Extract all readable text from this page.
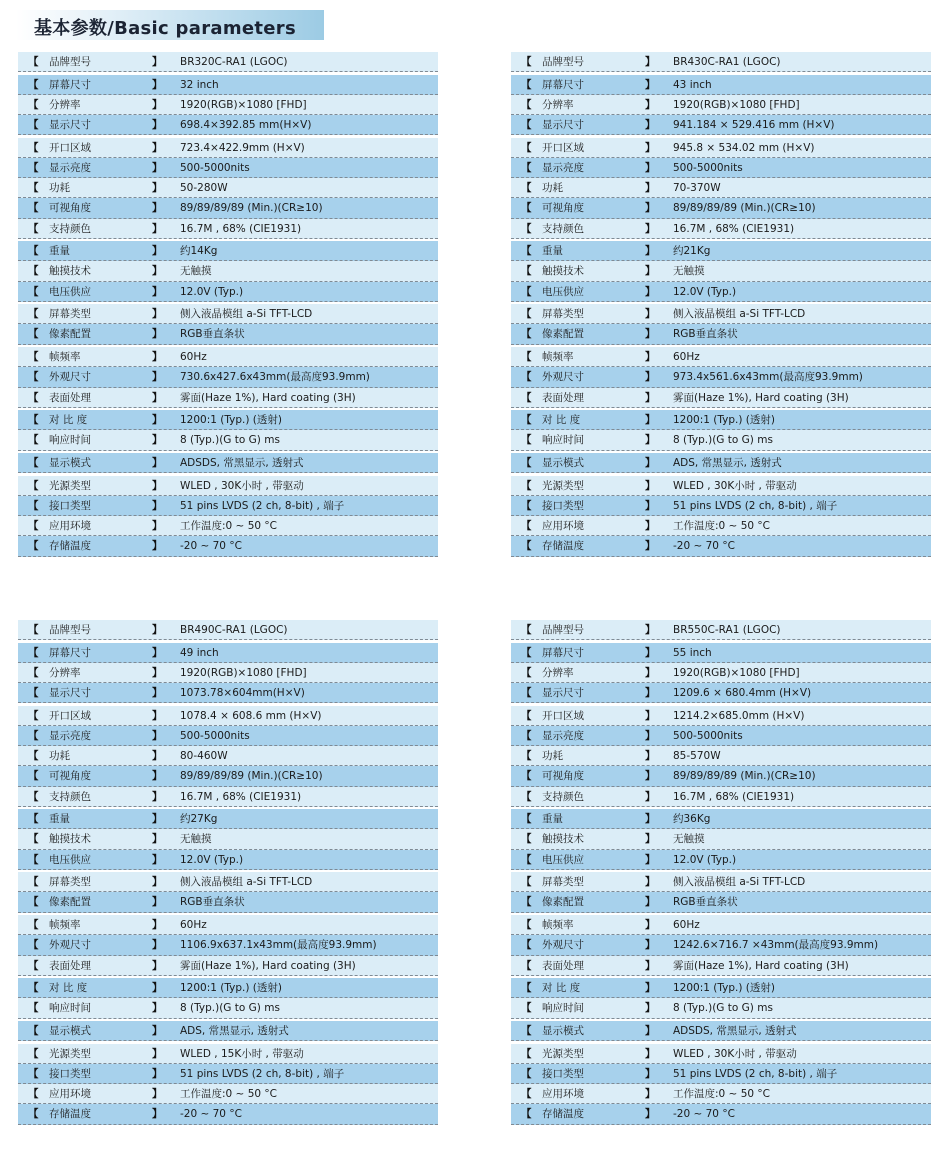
基本参数/Basic parameters
【 品牌型号	】 BR320C-RA1 (LGOC)
【 屏幕尺寸	】 32 inch
【 分辨率	】 1920(RGB)×1080 [FHD]
【 显示尺寸	】 698.4×392.85 mm(H×V)
【 开口区域	】 723.4×422.9mm (H×V)
【 显示亮度	】 500-5000nits
【 功耗	】 50-280W
【 可视角度	】 89/89/89/89 (Min.)(CR≥10)
【 支持颜色	】 16.7M , 68% (CIE1931)
【 重量	】 约14Kg
【 触摸技术	】 无触摸
【 电压供应	】 12.0V (Typ.)
【 屏幕类型	】 侧入液晶模组 a-Si TFT-LCD
【 像素配置	】 RGB垂直条状
【 帧频率	】 60Hz
【 外观尺寸	】 730.6x427.6x43mm(最高度93.9mm)
【 表面处理	】 雾面(Haze 1%), Hard coating (3H)
【 对 比 度	】 1200:1 (Typ.) (透射)
【 响应时间	】 8 (Typ.)(G to G) ms
【 显示模式	】 ADSDS, 常黑显示, 透射式
【 光源类型	】 WLED , 30K小时 , 带驱动
【 接口类型	】 51 pins LVDS (2 ch, 8-bit) , 端子
【 应用环境	】 工作温度:0 ~ 50 °C
【 存储温度	】 -20 ~ 70 °C
【 品牌型号	】 BR430C-RA1 (LGOC)
【 屏幕尺寸	】 43 inch
【 分辨率	】 1920(RGB)×1080 [FHD]
【 显示尺寸	】 941.184 × 529.416 mm (H×V)
【 开口区域	】 945.8 × 534.02 mm (H×V)
【 显示亮度	】 500-5000nits
【 功耗	】 70-370W
【 可视角度	】 89/89/89/89 (Min.)(CR≥10)
【 支持颜色	】 16.7M , 68% (CIE1931)
【 重量	】 约21Kg
【 触摸技术	】 无触摸
【 电压供应	】 12.0V (Typ.)
【 屏幕类型	】 侧入液晶模组 a-Si TFT-LCD
【 像素配置	】 RGB垂直条状
【 帧频率	】 60Hz
【 外观尺寸	】 973.4x561.6x43mm(最高度93.9mm)
【 表面处理	】 雾面(Haze 1%), Hard coating (3H)
【 对 比 度	】 1200:1 (Typ.) (透射)
【 响应时间	】 8 (Typ.)(G to G) ms
【 显示模式	】 ADS, 常黑显示, 透射式
【 光源类型	】 WLED , 30K小时 , 带驱动
【 接口类型	】 51 pins LVDS (2 ch, 8-bit) , 端子
【 应用环境	】 工作温度:0 ~ 50 °C
【 存储温度	】 -20 ~ 70 °C
【 品牌型号	】 BR490C-RA1 (LGOC)
【 屏幕尺寸	】 49 inch
【 分辨率	】 1920(RGB)×1080 [FHD]
【 显示尺寸	】 1073.78×604mm(H×V)
【 开口区域	】 1078.4 × 608.6 mm (H×V)
【 显示亮度	】 500-5000nits
【 功耗	】 80-460W
【 可视角度	】 89/89/89/89 (Min.)(CR≥10)
【 支持颜色	】 16.7M , 68% (CIE1931)
【 重量	】 约27Kg
【 触摸技术	】 无触摸
【 电压供应	】 12.0V (Typ.)
【 屏幕类型	】 侧入液晶模组 a-Si TFT-LCD
【 像素配置	】 RGB垂直条状
【 帧频率	】 60Hz
【 外观尺寸	】 1106.9x637.1x43mm(最高度93.9mm)
【 表面处理	】 雾面(Haze 1%), Hard coating (3H)
【 对 比 度	】 1200:1 (Typ.) (透射)
【 响应时间	】 8 (Typ.)(G to G) ms
【 显示模式	】 ADS, 常黑显示, 透射式
【 光源类型	】 WLED , 15K小时 , 带驱动
【 接口类型	】 51 pins LVDS (2 ch, 8-bit) , 端子
【 应用环境	】 工作温度:0 ~ 50 °C
【 存储温度	】 -20 ~ 70 °C
【 品牌型号	】 BR550C-RA1 (LGOC)
【 屏幕尺寸	】 55 inch
【 分辨率	】 1920(RGB)×1080 [FHD]
【 显示尺寸	】 1209.6 × 680.4mm (H×V)
【 开口区域	】 1214.2×685.0mm (H×V)
【 显示亮度	】 500-5000nits
【 功耗	】 85-570W
【 可视角度	】 89/89/89/89 (Min.)(CR≥10)
【 支持颜色	】 16.7M , 68% (CIE1931)
【 重量	】 约36Kg
【 触摸技术	】 无触摸
【 电压供应	】 12.0V (Typ.)
【 屏幕类型	】 侧入液晶模组 a-Si TFT-LCD
【 像素配置	】 RGB垂直条状
【 帧频率	】 60Hz
【 外观尺寸	】 1242.6×716.7 ×43mm(最高度93.9mm)
【 表面处理	】 雾面(Haze 1%), Hard coating (3H)
【 对 比 度	】 1200:1 (Typ.) (透射)
【 响应时间	】 8 (Typ.)(G to G) ms
【 显示模式	】 ADSDS, 常黑显示, 透射式
【 光源类型	】 WLED , 30K小时 , 带驱动
【 接口类型	】 51 pins LVDS (2 ch, 8-bit) , 端子
【 应用环境	】 工作温度:0 ~ 50 °C
【 存储温度	】 -20 ~ 70 °C
